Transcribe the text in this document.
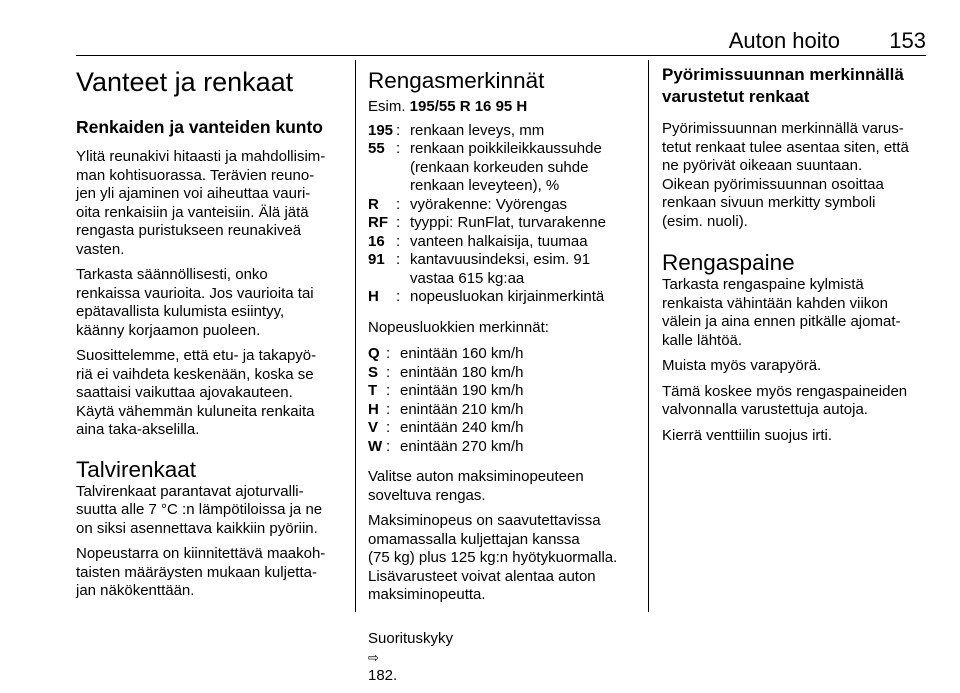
Auton hoito 153
Vanteet ja renkaat
Renkaiden ja vanteiden kunto

Ylitä reunakivi hitaasti ja mahdollisim-
man kohtisuorassa. Terävien reuno-
jen yli ajaminen voi aiheuttaa vauri-
oita renkaisiin ja vanteisiin. Älä jätä
rengasta puristukseen reunakiveä
vasten.

Tarkasta säännöllisesti, onko
renkaissa vaurioita. Jos vaurioita tai
epätavallista kulumista esiintyy,
käänny korjaamon puoleen.

Suosittelemme, että etu- ja takapyö-
riä ei vaihdeta keskenään, koska se
saattaisi vaikuttaa ajovakauteen.
Käytä vähemmän kuluneita renkaita
aina taka-akselilla.

Talvirenkaat

Talvirenkaat parantavat ajoturvalli-
suutta alle 7 °C :n lämpötiloissa ja ne
on siksi asennettava kaikkiin pyöriin.

Nopeustarra on kiinnitettävä maakoh-
taisten määräysten mukaan kuljetta-
jan näkökenttään.

Rengasmerkinnät
Esim. 195/55 R 16 95 H
195 : renkaan leveys, mm
55 : renkaan poikkileikkaussuhde
(renkaan korkeuden suhde
renkaan leveyteen), %
R	: vyörakenne: Vyörengas
RF : tyyppi: RunFlat, turvarakenne
16 : vanteen halkaisija, tuumaa
91 : kantavuusindeksi, esim. 91
vastaa 615 kg:aa
H	: nopeusluokan kirjainmerkintä

Nopeusluokkien merkinnät:

Q : enintään 160 km/h
S : enintään 180 km/h
T : enintään 190 km/h
H : enintään 210 km/h
V : enintään 240 km/h
W : enintään 270 km/h

Valitse auton maksiminopeuteen
soveltuva rengas.

Maksiminopeus on saavutettavissa
omamassalla kuljettajan kanssa
(75 kg) plus 125 kg:n hyötykuormalla.
Lisävarusteet voivat alentaa auton
maksiminopeutta.

Suorituskyky
⇨
182.

Pyörimissuunnan merkinnällä
varustetut renkaat

Pyörimissuunnan merkinnällä varus-
tetut renkaat tulee asentaa siten, että
ne pyörivät oikeaan suuntaan.
Oikean pyörimissuunnan osoittaa
renkaan sivuun merkitty symboli
(esim. nuoli).

Rengaspaine

Tarkasta rengaspaine kylmistä
renkaista vähintään kahden viikon
välein ja aina ennen pitkälle ajomat-
kalle lähtöä.

Muista myös varapyörä.

Tämä koskee myös rengaspaineiden
valvonnalla varustettuja autoja.

Kierrä venttiilin suojus irti.
